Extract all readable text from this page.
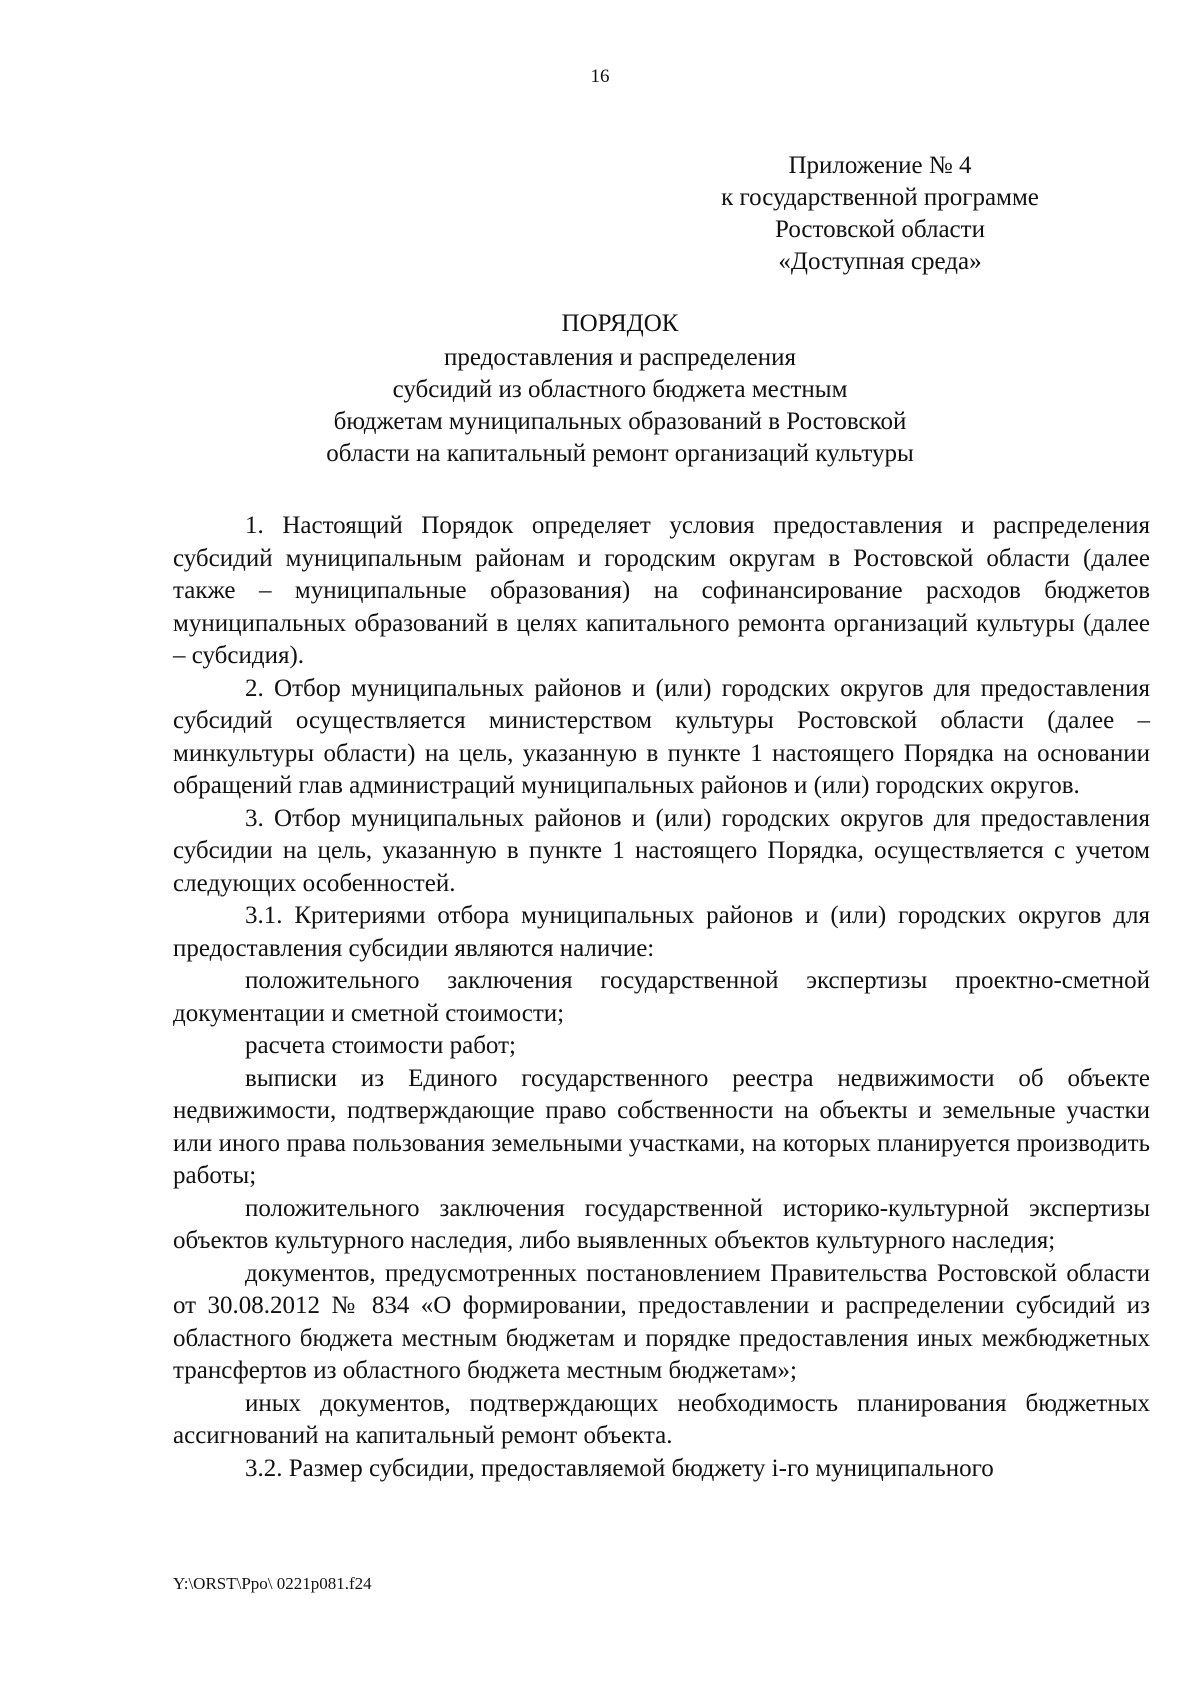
16
Приложение № 4
к государственной программе
Ростовской области
«Доступная среда»
ПОРЯДОК
предоставления и распределения
субсидий из областного бюджета местным
бюджетам муниципальных образований в Ростовской
области на капитальный ремонт организаций культуры

1. Настоящий Порядок определяет условия предоставления и распределения субсидий муниципальным районам и городским округам в Ростовской области (далее также – муниципальные образования) на софинансирование расходов бюджетов муниципальных образований в целях капитального ремонта организаций культуры (далее – субсидия).

2. Отбор муниципальных районов и (или) городских округов для предоставления субсидий осуществляется министерством культуры Ростовской области (далее – минкультуры области) на цель, указанную в пункте 1 настоящего Порядка на основании обращений глав администраций муниципальных районов и (или) городских округов.

3. Отбор муниципальных районов и (или) городских округов для предоставления субсидии на цель, указанную в пункте 1 настоящего Порядка, осуществляется с учетом следующих особенностей.

3.1. Критериями отбора муниципальных районов и (или) городских округов для предоставления субсидии являются наличие:

положительного заключения государственной экспертизы проектно-сметной документации и сметной стоимости;

расчета стоимости работ;

выписки из Единого государственного реестра недвижимости об объекте недвижимости, подтверждающие право собственности на объекты и земельные участки или иного права пользования земельными участками, на которых планируется производить работы;

положительного заключения государственной историко-культурной экспертизы объектов культурного наследия, либо выявленных объектов культурного наследия;

документов, предусмотренных постановлением Правительства Ростовской области от 30.08.2012 № 834 «О формировании, предоставлении и распределении субсидий из областного бюджета местным бюджетам и порядке предоставления иных межбюджетных трансфертов из областного бюджета местным бюджетам»;

иных документов, подтверждающих необходимость планирования бюджетных ассигнований на капитальный ремонт объекта.

3.2. Размер субсидии, предоставляемой бюджету i-го муниципального

Y:\ORST\Ppo\ 0221p081.f24
